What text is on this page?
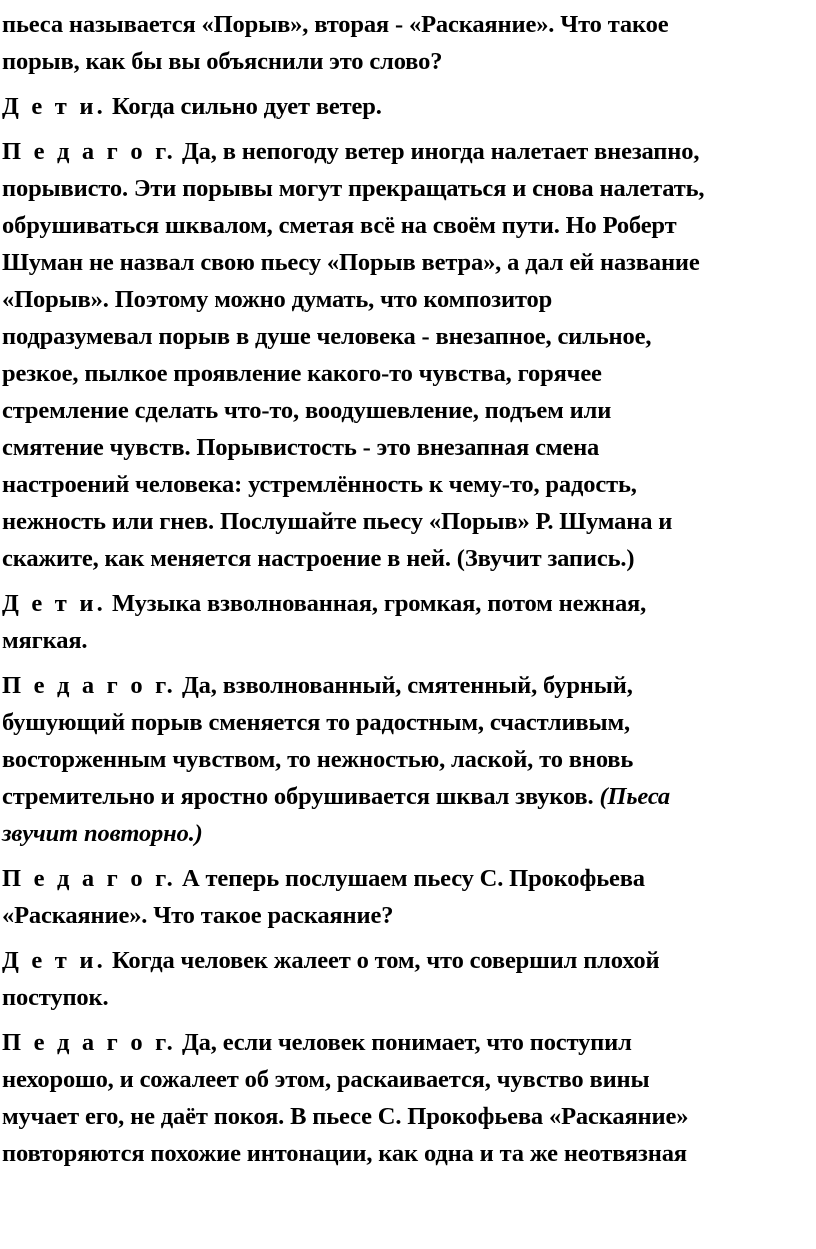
пьеса называется «Порыв», вторая - «Раскаяние». Что такое
порыв, как бы вы объяснили это слово?
Д е т и. Когда сильно дует ветер.
П е д а г о г. Да, в непогоду ветер иногда налетает внезапно,
порывисто. Эти порывы могут прекращаться и снова налетать,
обрушиваться шквалом, сметая всё на своём пути. Но Роберт
Шуман не назвал свою пьесу «Порыв ветра», а дал ей название
«Порыв». Поэтому можно думать, что композитор
подразумевал порыв в душе человека - внезапное, сильное,
резкое, пылкое проявление какого-то чувства, горячее
стремление сделать что-то, воодушевление, подъем или
смятение чувств. Порывистость - это внезапная смена
настроений человека: устремлённость к чему-то, радость,
нежность или гнев. Послушайте пьесу «Порыв» Р. Шумана и
скажите, как меняется настроение в ней. (Звучит запись.)
Д е т и. Музыка взволнованная, громкая, потом нежная,
мягкая.
П е д а г о г. Да, взволнованный, смятенный, бурный,
бушующий порыв сменяется то радостным, счастливым,
восторженным чувством, то нежностью, лаской, то вновь
стремительно и яростно обрушивается шквал звуков. (Пьеса
звучит повторно.)
П е д а г о г. А теперь послушаем пьесу С. Прокофьева
«Раскаяние». Что такое раскаяние?
Д е т и. Когда человек жалеет о том, что совершил плохой
поступок.
П е д а г о г. Да, если человек понимает, что поступил
нехорошо, и сожалеет об этом, раскаивается, чувство вины
мучает его, не даёт покоя. В пьесе С. Прокофьева «Раскаяние»
повторяются похожие интонации, как одна и та же неотвязная
